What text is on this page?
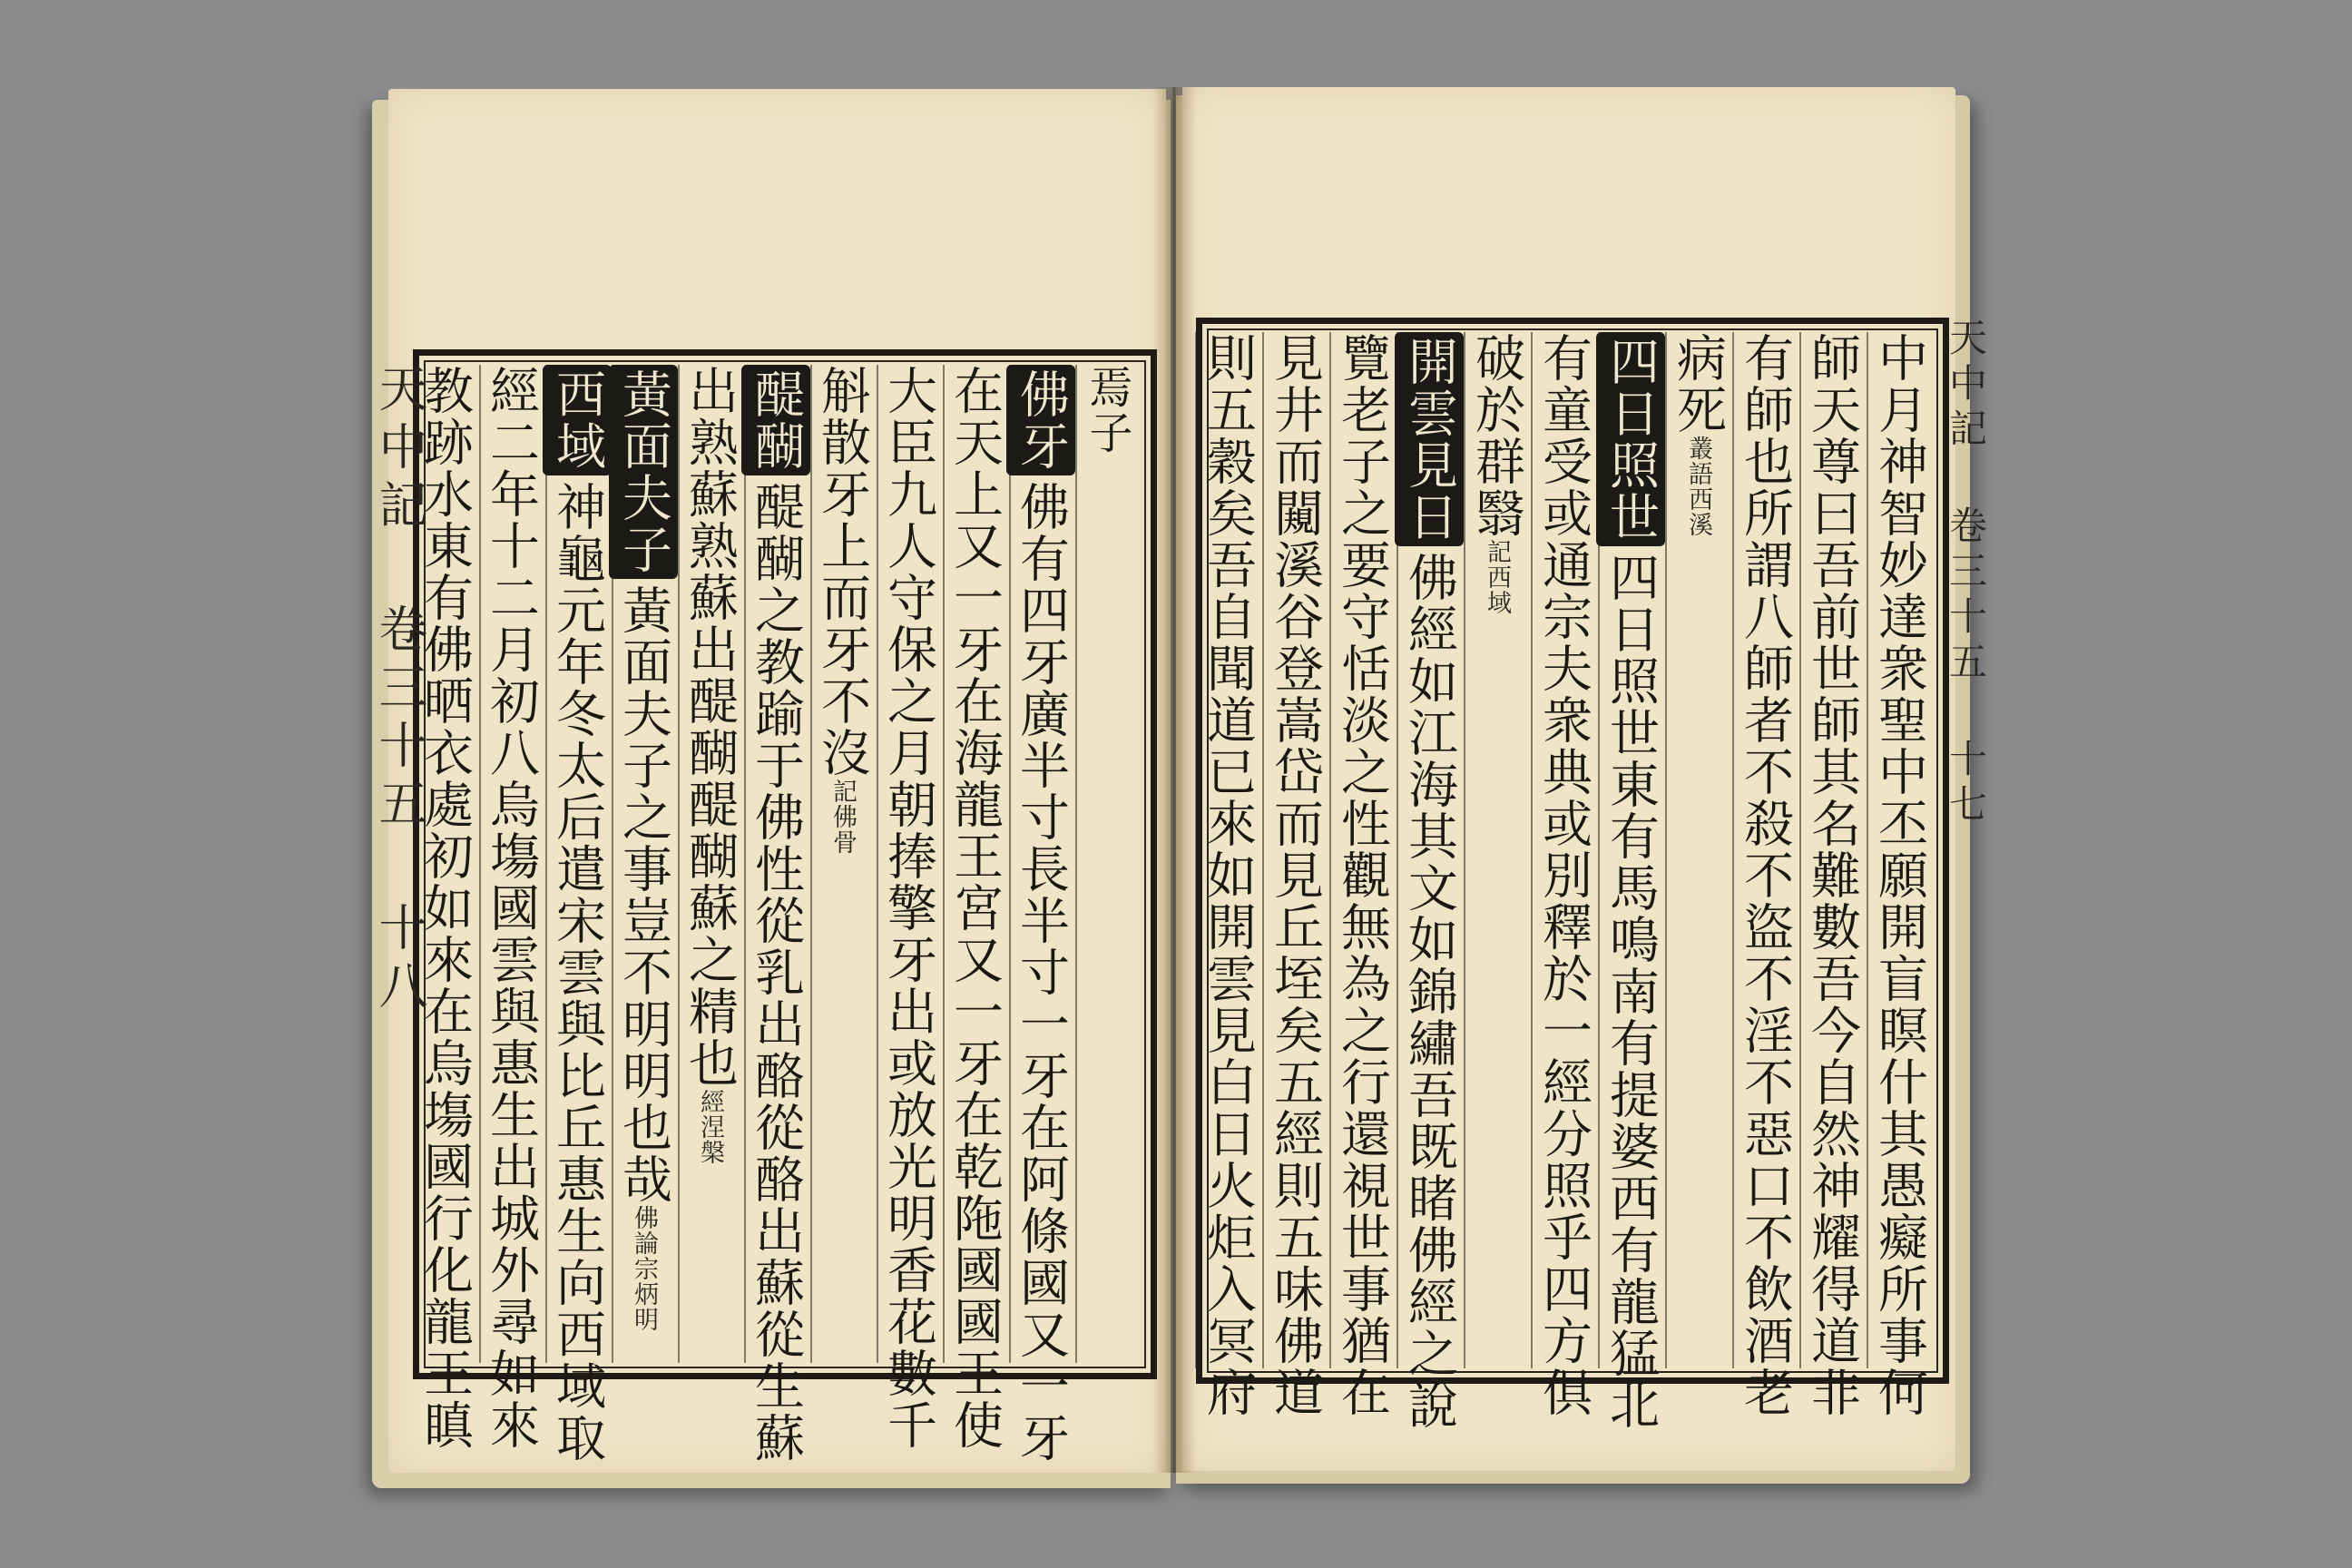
天中記 卷三十五 十八	天中記 卷三十五 十七
焉子
佛牙佛有四牙廣半寸長半寸一牙在阿條國又一牙
在天上又一牙在海龍王宮又一牙在乾陁國國王使
大臣九人守保之月朝捧擎牙出或放光明香花數千
斛散牙上而牙不沒記佛骨
醍醐醍醐之教踰于佛性從乳出酪從酪出蘇從生蘇
出熟蘇熟蘇出醍醐醍醐蘇之精也經涅槃
黃面夫子黃面夫子之事豈不明明也哉佛論宗炳明
西域神龜元年冬太后遣宋雲與比丘惠生向西域取
經二年十二月初八烏塲國雲與惠生出城外尋如來
教跡水東有佛晒衣處初如來在烏塲國行化龍王瞋	中月神智妙達衆聖中丕願開盲瞑什其愚癡所事何
師天尊曰吾前世師其名難數吾今自然神耀得道非
有師也所謂八師者不殺不盜不淫不惡口不飲酒老
病死叢語西溪
四日照世四日照世東有馬鳴南有提婆西有龍猛北
有童受或通宗夫衆典或別釋於一經分照乎四方俱
破於群翳記西域
開雲見日佛經如江海其文如錦繡吾既睹佛經之說
覽老子之要守恬淡之性觀無為之行還視世事猶在
見井而闚溪谷登嵩岱而見丘垤矣五經則五味佛道
則五穀矣吾自聞道已來如開雲見白日火炬入冥府
